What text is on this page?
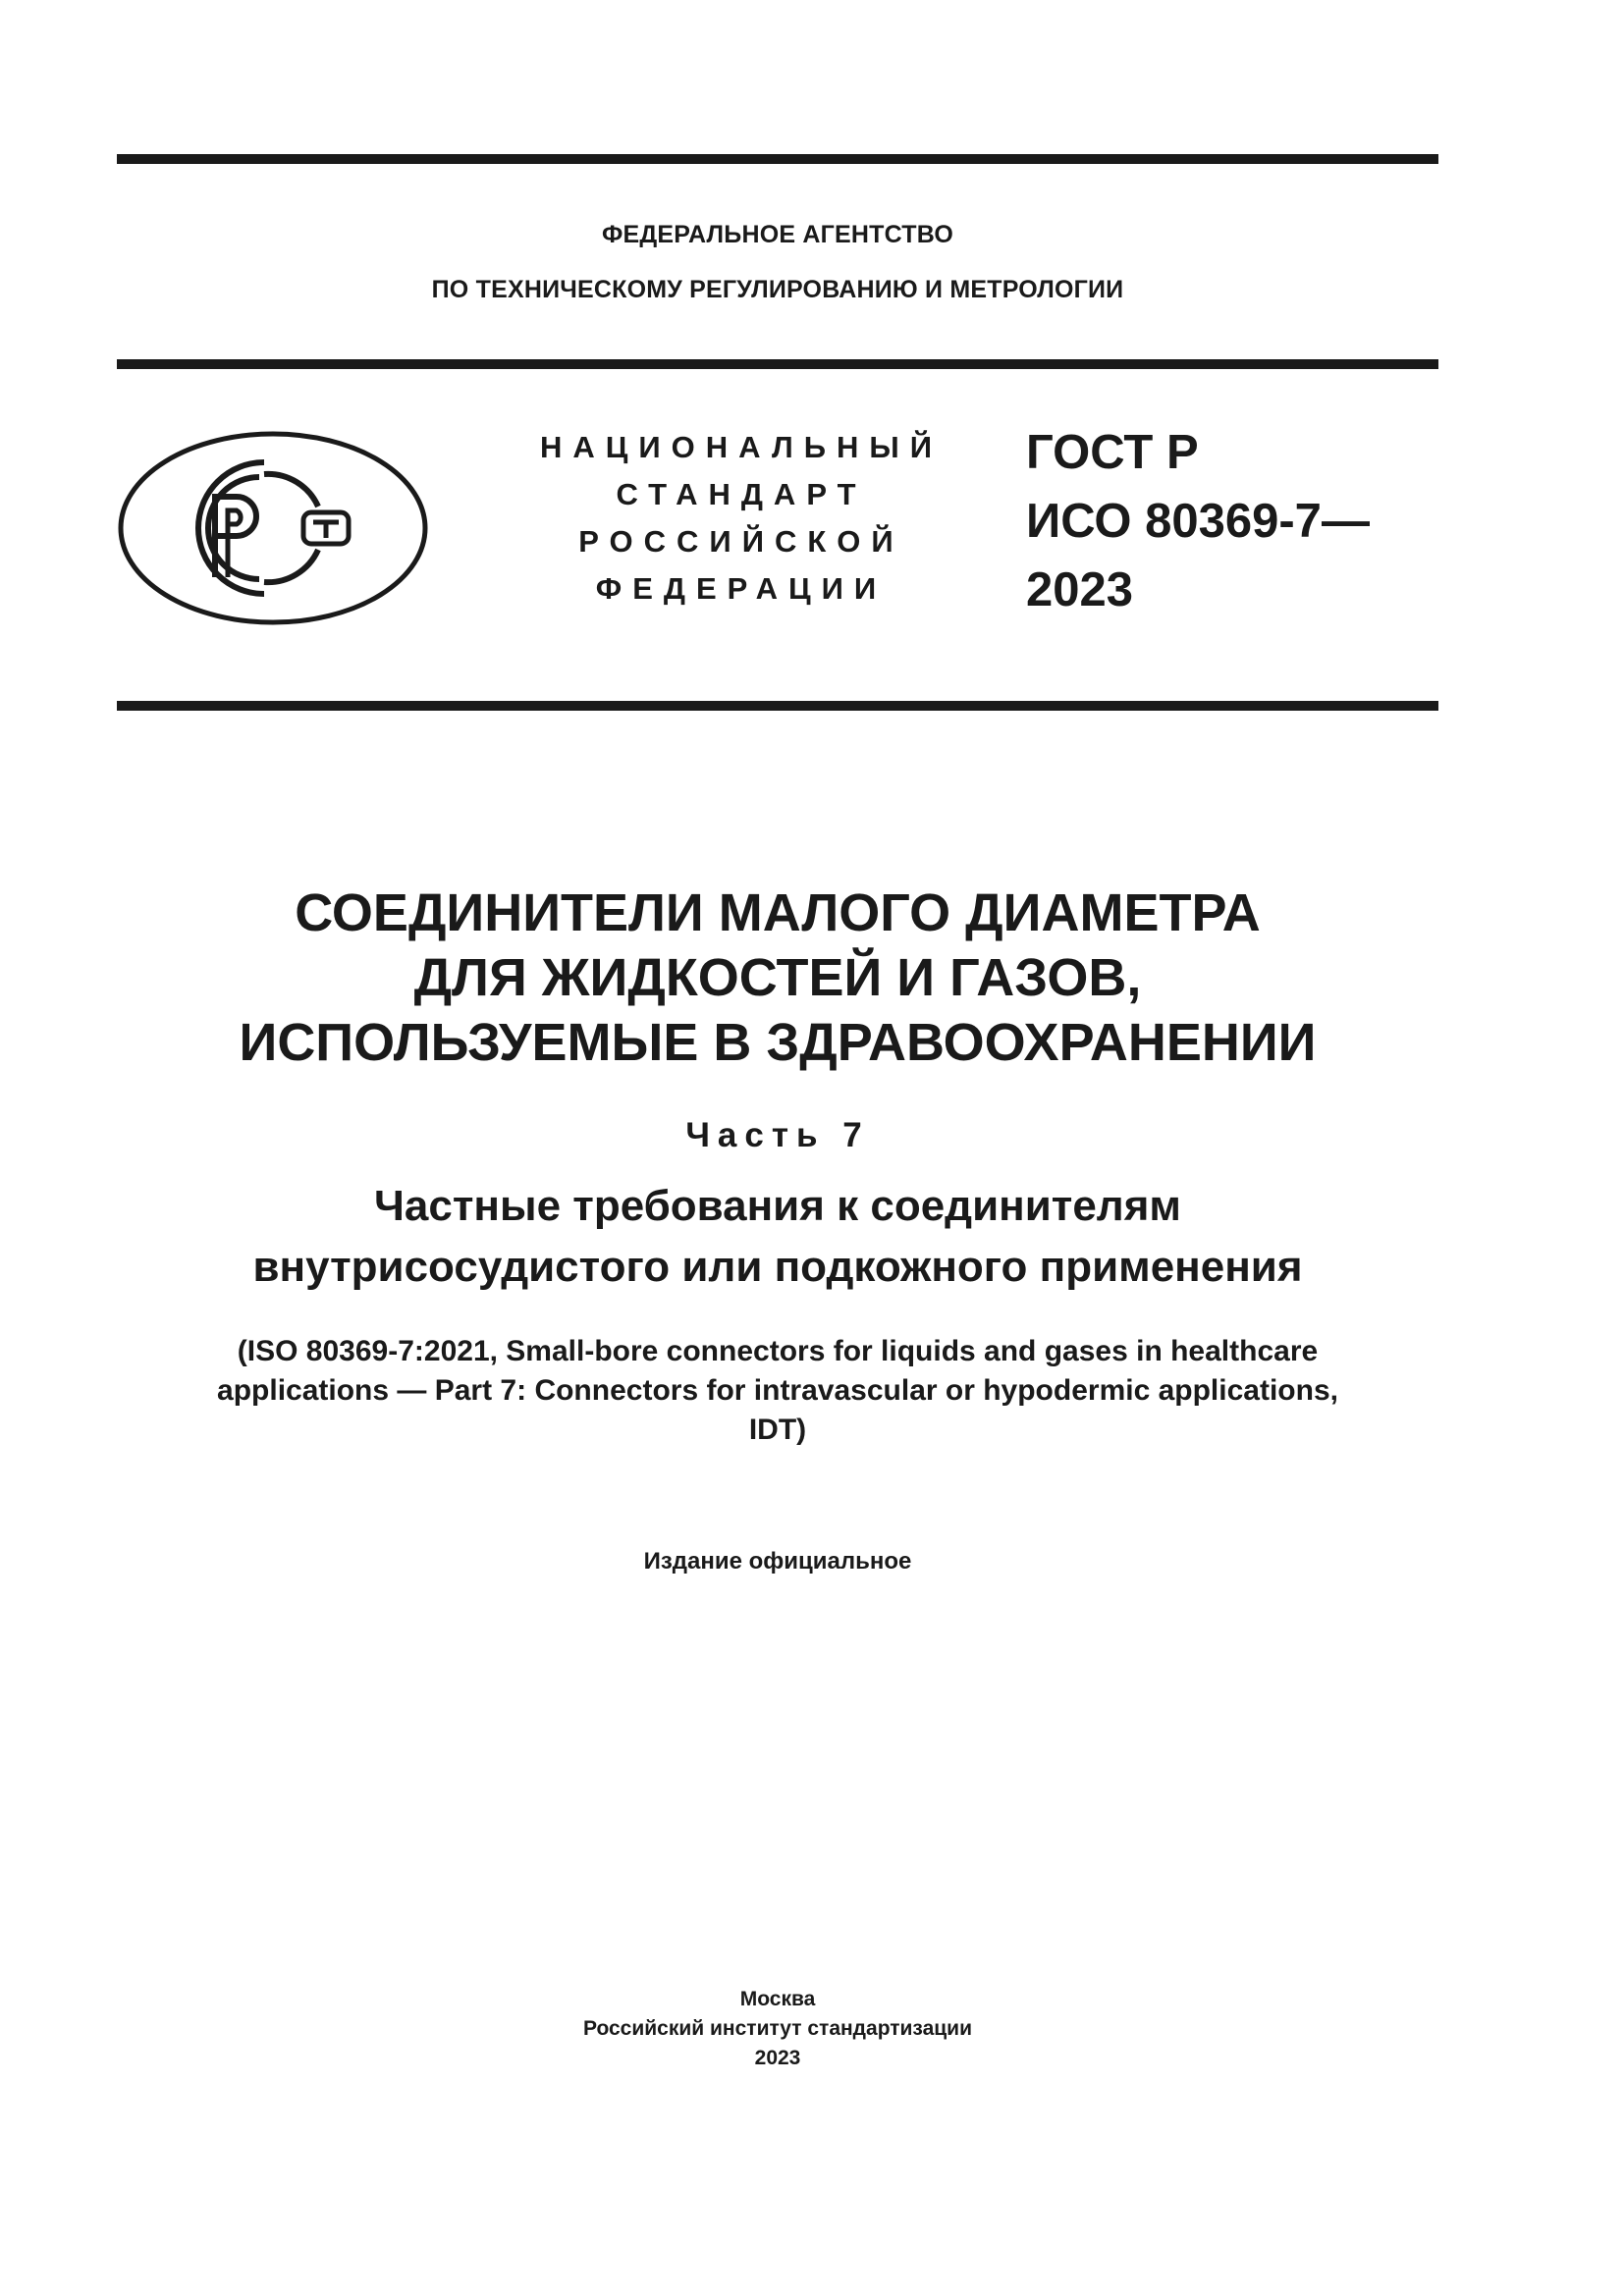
ФЕДЕРАЛЬНОЕ АГЕНТСТВО
ПО ТЕХНИЧЕСКОМУ РЕГУЛИРОВАНИЮ И МЕТРОЛОГИИ
НАЦИОНАЛЬНЫЙ
СТАНДАРТ
РОССИЙСКОЙ
ФЕДЕРАЦИИ
ГОСТ Р
ИСО 80369-7—
2023
СОЕДИНИТЕЛИ МАЛОГО ДИАМЕТРА
ДЛЯ ЖИДКОСТЕЙ И ГАЗОВ,
ИСПОЛЬЗУЕМЫЕ В ЗДРАВООХРАНЕНИИ
Часть 7
Частные требования к соединителям
внутрисосудистого или подкожного применения
(ISO 80369-7:2021, Small-bore connectors for liquids and gases in healthcare
applications — Part 7: Connectors for intravascular or hypodermic applications,
IDT)
Издание официальное
Москва
Российский институт стандартизации
2023
